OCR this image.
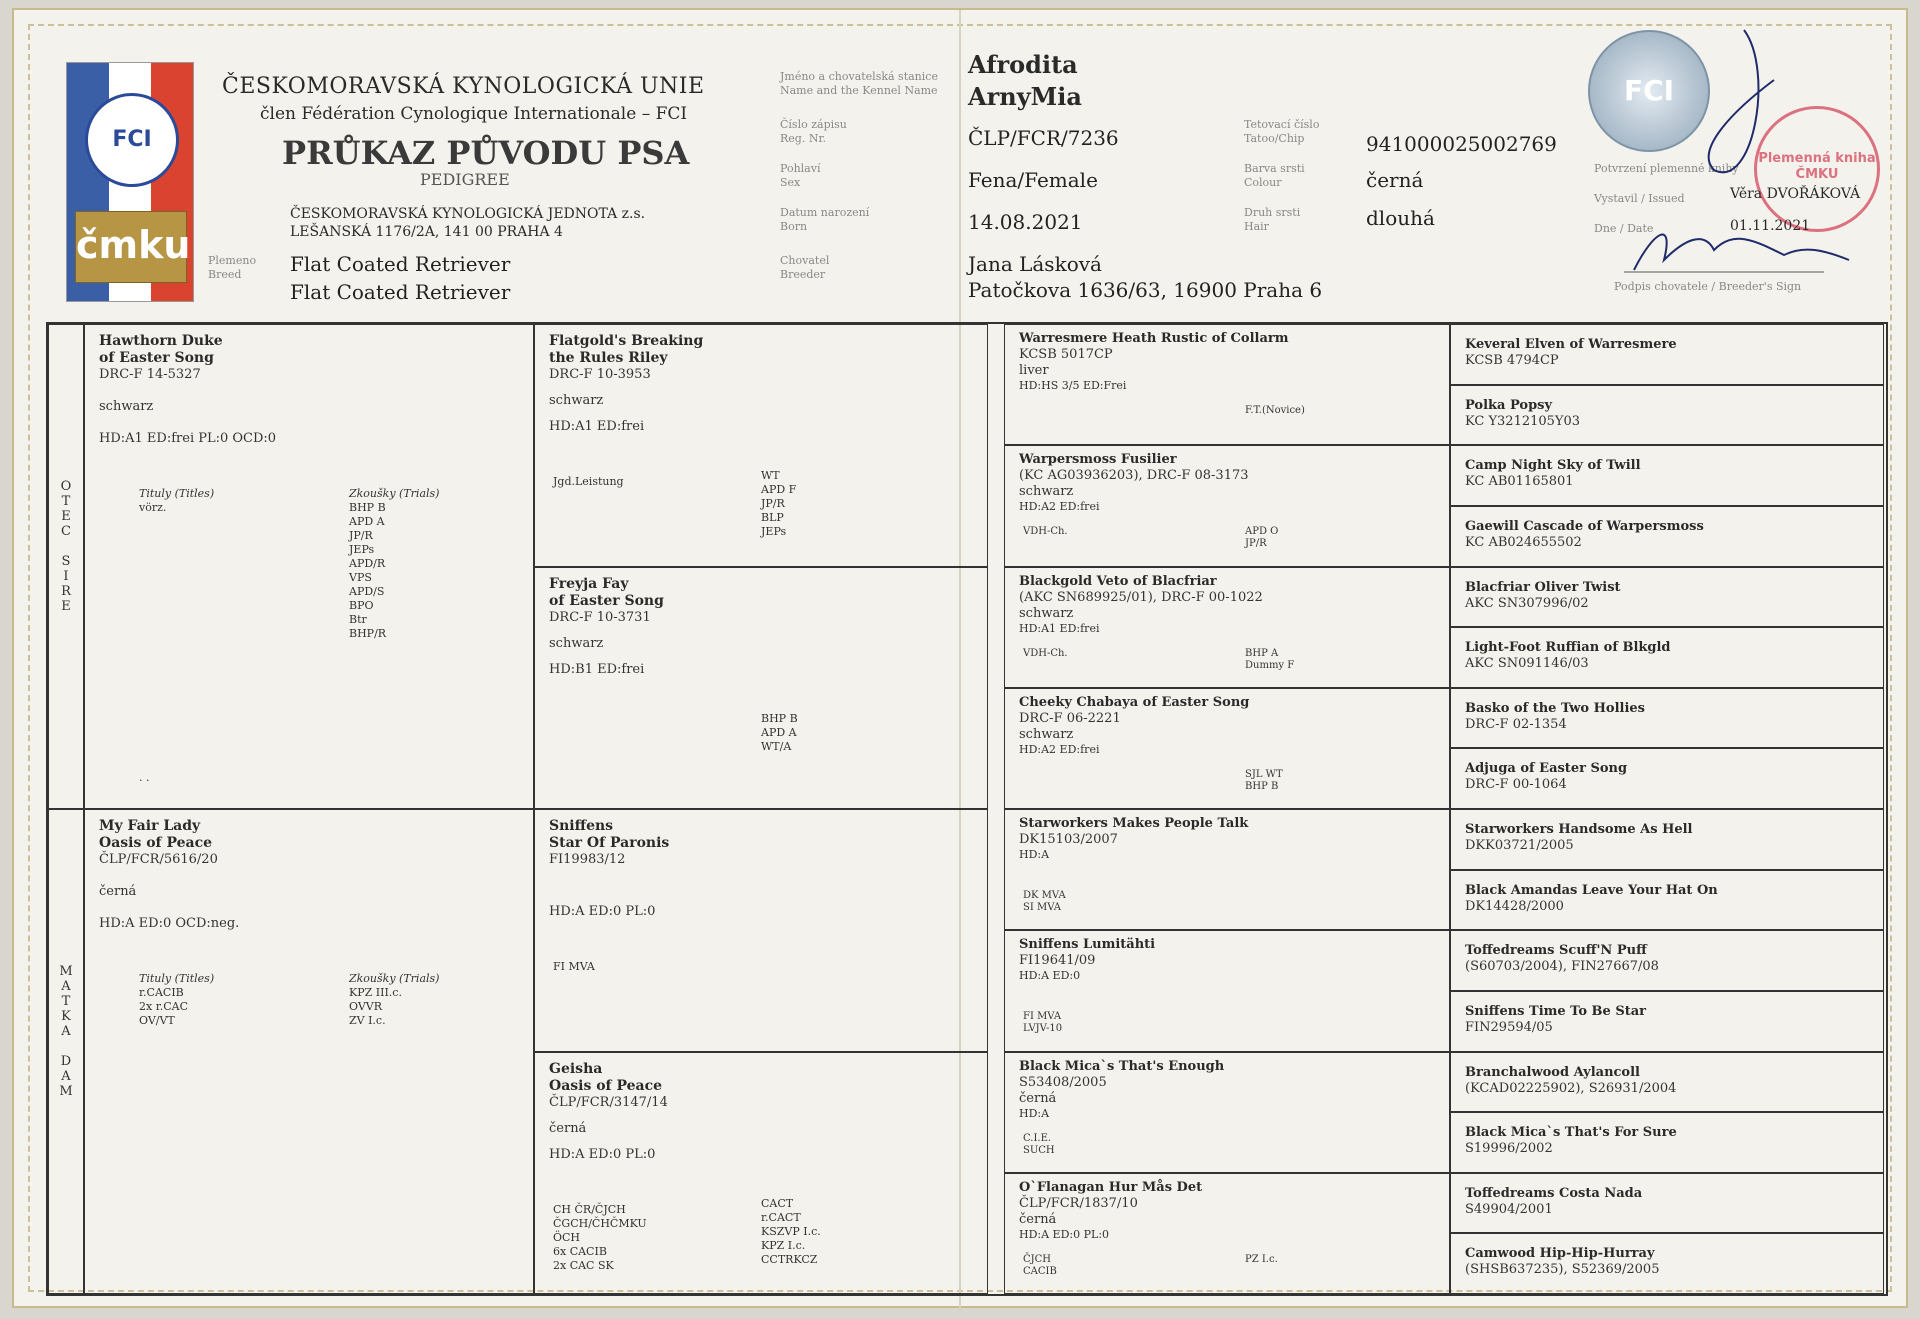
FCI
čmku
ČESKOMORAVSKÁ KYNOLOGICKÁ UNIE
člen Fédération Cynologique Internationale – FCI
PRŮKAZ PŮVODU PSA
PEDIGREE
ČESKOMORAVSKÁ KYNOLOGICKÁ JEDNOTA z.s.
LEŠANSKÁ 1176/2A, 141 00 PRAHA 4
Plemeno
Breed Flat Coated Retriever
Flat Coated Retriever
Jméno a chovatelská stanice
Name and the Kennel Name
Číslo zápisu
Reg. Nr.
Pohlaví
Sex
Datum narození
Born
Chovatel
Breeder
Afrodita
ArnyMia
ČLP/FCR/7236
Fena/Female
14.08.2021
Jana Lásková
Patočkova 1636/63, 16900 Praha 6
Tetovací číslo
Tatoo/Chip
Barva srsti
Colour
Druh srsti
Hair
941000025002769
černá
dlouhá
FCI
Plemenná kniha ČMKU
Potvrzení plemenné knihy
Vystavil / Issued
Dne / Date
Věra DVOŘÁKOVÁ
01.11.2021
Podpis chovatele / Breeder's Sign
O
T
E
C

S
I
R
E
M
A
T
K
A

D
A
M
Hawthorn Duke
of Easter Song
DRC-F 14-5327
schwarz
HD:A1 ED:frei PL:0 OCD:0
Tituly (Titles)
vörz.
Zkoušky (Trials)
BHP B
APD A
JP/R
JEPs
APD/R
VPS
APD/S
BPO
Btr
BHP/R
. .
My Fair Lady
Oasis of Peace
ČLP/FCR/5616/20
černá
HD:A ED:0 OCD:neg.
Tituly (Titles)
r.CACIB
2x r.CAC
OV/VT
Zkoušky (Trials)
KPZ III.c.
OVVR
ZV I.c.
Flatgold's Breaking
the Rules Riley
DRC-F 10-3953
schwarz
HD:A1 ED:frei
Jgd.Leistung	WT
APD F
JP/R
BLP
JEPs
Freyja Fay
of Easter Song
DRC-F 10-3731
schwarz
HD:B1 ED:frei
BHP B
APD A
WT/A
Sniffens
Star Of Paronis
FI19983/12
HD:A ED:0 PL:0
FI MVA
Geisha
Oasis of Peace
ČLP/FCR/3147/14
černá
HD:A ED:0 PL:0
CH ČR/ČJCH
ČGCH/ČHČMKU
ÖCH
6x CACIB
2x CAC SK
CACT
r.CACT
KSZVP I.c.
KPZ I.c.
CCTRKCZ
Warresmere Heath Rustic of Collarm
KCSB 5017CP
liver
HD:HS 3/5 ED:Frei
F.T.(Novice)
Warpersmoss Fusilier
(KC AG03936203), DRC-F 08-3173
schwarz
HD:A2 ED:frei
VDH-Ch.	APD O
JP/R
Blackgold Veto of Blacfriar
(AKC SN689925/01), DRC-F 00-1022
schwarz
HD:A1 ED:frei
VDH-Ch.	BHP A
Dummy F
Cheeky Chabaya of Easter Song
DRC-F 06-2221
schwarz
HD:A2 ED:frei
SJL WT
BHP B
Starworkers Makes People Talk
DK15103/2007
HD:A
DK MVA
SI MVA
Sniffens Lumitähti
FI19641/09
HD:A ED:0
FI MVA
LVJV-10
Black Mica`s That's Enough
S53408/2005
černá
HD:A
C.I.E.
SUCH
O`Flanagan Hur Mås Det
ČLP/FCR/1837/10
černá
HD:A ED:0 PL:0
ČJCH
CACIB
PZ I.c.
Keveral Elven of Warresmere
KCSB 4794CP
Polka Popsy
KC Y3212105Y03
Camp Night Sky of Twill
KC AB01165801
Gaewill Cascade of Warpersmoss
KC AB024655502
Blacfriar Oliver Twist
AKC SN307996/02
Light-Foot Ruffian of Blkgld
AKC SN091146/03
Basko of the Two Hollies
DRC-F 02-1354
Adjuga of Easter Song
DRC-F 00-1064
Starworkers Handsome As Hell
DKK03721/2005
Black Amandas Leave Your Hat On
DK14428/2000
Toffedreams Scuff'N Puff
(S60703/2004), FIN27667/08
Sniffens Time To Be Star
FIN29594/05
Branchalwood Aylancoll
(KCAD02225902), S26931/2004
Black Mica`s That's For Sure
S19996/2002
Toffedreams Costa Nada
S49904/2001
Camwood Hip-Hip-Hurray
(SHSB637235), S52369/2005
